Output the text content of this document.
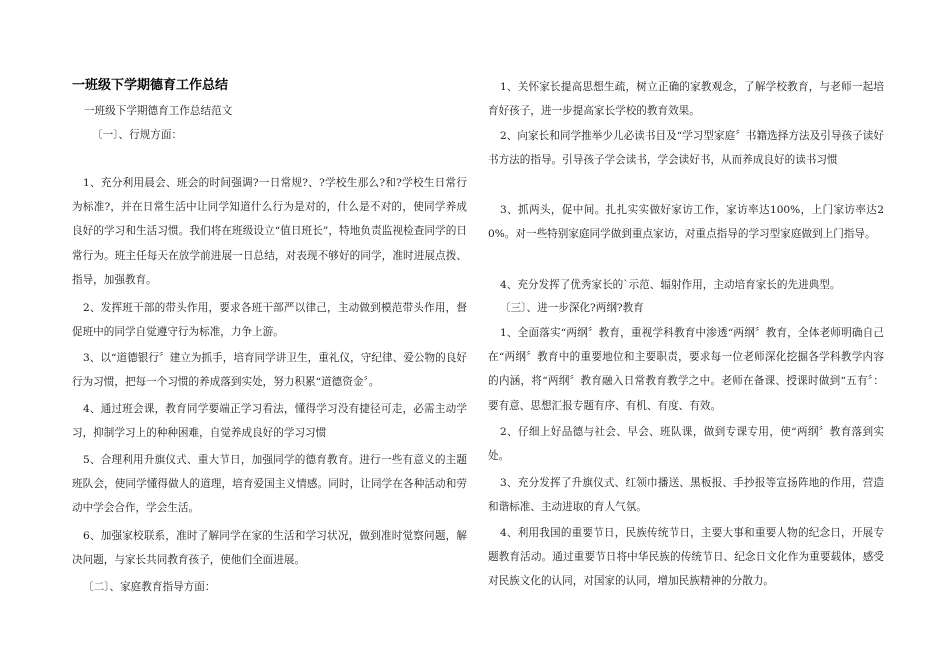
一班级下学期德育工作总结
一班级下学期德育工作总结范文
〔一〕、行规方面：
1、充分利用晨会、班会的时间强调?一日常规?、?学校生那么?和?学校生日常行为标准?，并在日常生活中让同学知道什么行为是对的，什么是不对的，使同学养成良好的学习和生活习惯。我们将在班级设立“值日班长”，特地负责监视检查同学的日常行为。班主任每天在放学前进展一日总结，对表现不够好的同学，准时进展点拨、指导，加强教育。
2、发挥班干部的带头作用，要求各班干部严以律己，主动做到模范带头作用，督促班中的同学自觉遵守行为标准，力争上游。
3、以“道德银行〞建立为抓手，培育同学讲卫生，重礼仪，守纪律、爱公物的良好行为习惯，把每一个习惯的养成落到实处，努力积累“道德资金〞。
4、通过班会课，教育同学要端正学习看法，懂得学习没有捷径可走，必需主动学习，抑制学习上的种种困难，自觉养成良好的学习习惯
5、合理利用升旗仪式、重大节日，加强同学的德育教育。进行一些有意义的主题班队会，使同学懂得做人的道理，培育爱国主义情感。同时，让同学在各种活动和劳动中学会合作，学会生活。
6、加强家校联系，准时了解同学在家的生活和学习状况，做到准时觉察问题，解决问题，与家长共同教育孩子，使他们全面进展。
〔二〕、家庭教育指导方面：
1、关怀家长提高思想生疏，树立正确的家教观念，了解学校教育，与老师一起培育好孩子，进一步提高家长学校的教育效果。
2、向家长和同学推举少儿必读书目及“学习型家庭〞书籍选择方法及引导孩子读好书方法的指导。引导孩子学会读书，学会读好书，从而养成良好的读书习惯
3、抓两头，促中间。扎扎实实做好家访工作，家访率达100%，上门家访率达20%。对一些特别家庭同学做到重点家访，对重点指导的学习型家庭做到上门指导。
4、充分发挥了优秀家长的`示范、辐射作用，主动培育家长的先进典型。
〔三〕、进一步深化?两纲?教育
1、全面落实“两纲〞教育，重视学科教育中渗透“两纲〞教育，全体老师明确自己在“两纲〞教育中的重要地位和主要职责，要求每一位老师深化挖掘各学科教学内容的内涵，将“两纲〞教育融入日常教育教学之中。老师在备课、授课时做到“五有〞：要有意、思想汇报专题有序、有机、有度、有效。
2、仔细上好品德与社会、早会、班队课，做到专课专用，使“两纲〞教育落到实处。
3、充分发挥了升旗仪式、红领巾播送、黑板报、手抄报等宣扬阵地的作用，营造和谐标准、主动进取的育人气氛。
4、利用我国的重要节日，民族传统节日，主要大事和重要人物的纪念日，开展专题教育活动。通过重要节日将中华民族的传统节日、纪念日文化作为重要载体，感受对民族文化的认同，对国家的认同，增加民族精神的分散力。
